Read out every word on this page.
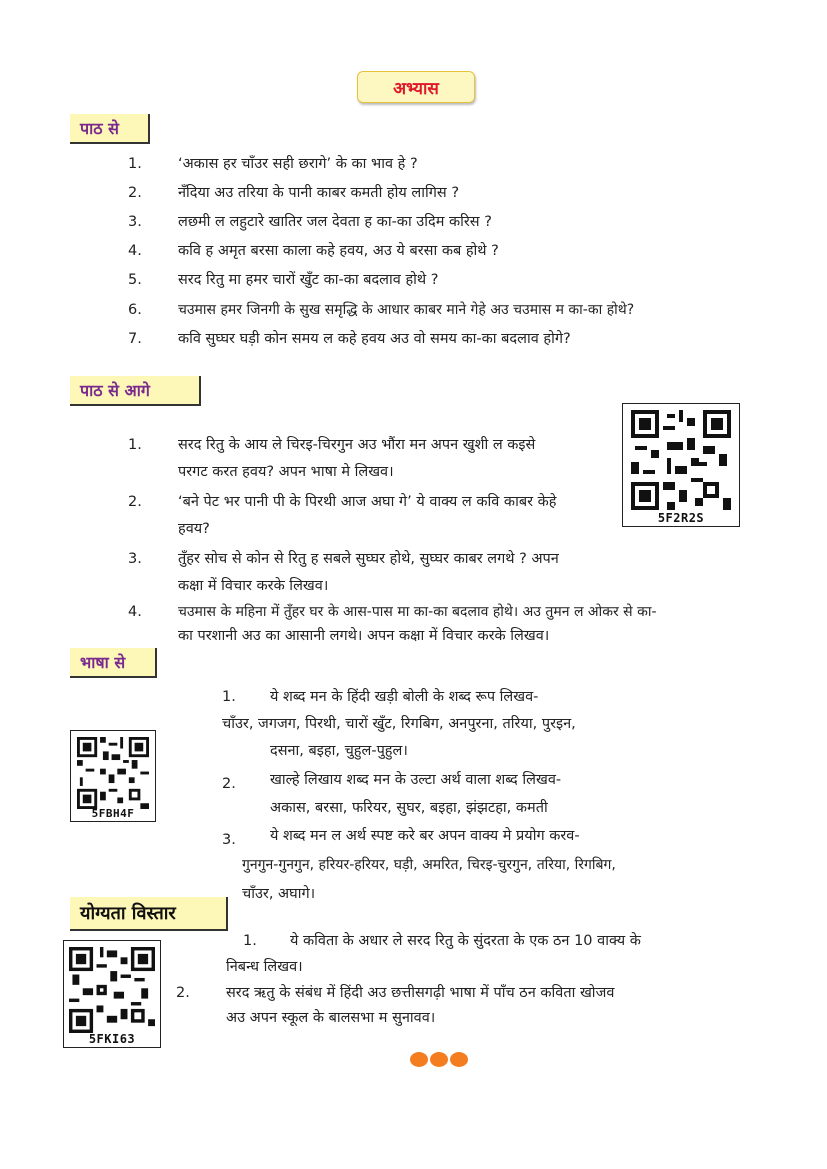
अभ्यास
पाठ से
1. ‘अकास हर चाँउर सही छरागे’ के का भाव हे ?
2. नँदिया अउ तरिया के पानी काबर कमती होय लागिस ?
3. लछमी ल लहुटारे खातिर जल देवता ह का-का उदिम करिस ?
4. कवि ह अमृत बरसा काला कहे हवय, अउ ये बरसा कब होथे ?
5. सरद रितु मा हमर चारों खुँट का-का बदलाव होथे ?
6.	चउमास हमर जिनगी के सुख समृद्धि के आधार काबर माने गेहे अउ चउमास म का-का होथे?
7. कवि सुघ्घर घड़ी कोन समय ल कहे हवय अउ वो समय का-का बदलाव होगे?
पाठ से आगे
5F2R2S
1. सरद रितु के आय ले चिरइ-चिरगुन अउ भौंरा मन अपन खुशी ल कइसे
परगट करत हवय? अपन भाषा मे लिखव।
2. ‘बने पेट भर पानी पी के पिरथी आज अघा गे’ ये वाक्य ल कवि काबर केहे
हवय?
3. तुँहर सोच से कोन से रितु ह सबले सुघ्घर होथे, सुघ्घर काबर लगथे ? अपन
कक्षा में विचार करके लिखव।
4.	चउमास के महिना में तुँहर घर के आस-पास मा का-का बदलाव होथे। अउ तुमन ल ओकर से का-
का परशानी अउ का आसानी लगथे। अपन कक्षा में विचार करके लिखव।
भाषा से
5FBH4F
1. ये शब्द मन के हिंदी खड़ी बोली के शब्द रूप लिखव-
चाँउर, जगजग, पिरथी, चारों खुँट, रिगबिग, अनपुरना, तरिया, पुरइन,
दसना, बइहा, चुहुल-पुहुल।
2. खाल्हे लिखाय शब्द मन के उल्टा अर्थ वाला शब्द लिखव-
अकास, बरसा, फरियर, सुघर, बइहा, झंझटहा, कमती
3. ये शब्द मन ल अर्थ स्पष्ट करे बर अपन वाक्य मे प्रयोग करव-
गुनगुन-गुनगुन, हरियर-हरियर, घड़ी, अमरित, चिरइ-चुरगुन, तरिया, रिगबिग,
चाँउर, अघागे।
योग्यता विस्तार
5FKI63
1. ये कविता के अधार ले सरद रितु के सुंदरता के एक ठन 10 वाक्य के
निबन्ध लिखव।
2. सरद ऋतु के संबंध में हिंदी अउ छत्तीसगढ़ी भाषा में पाँच ठन कविता खोजव
अउ अपन स्कूल के बालसभा म सुनावव।
